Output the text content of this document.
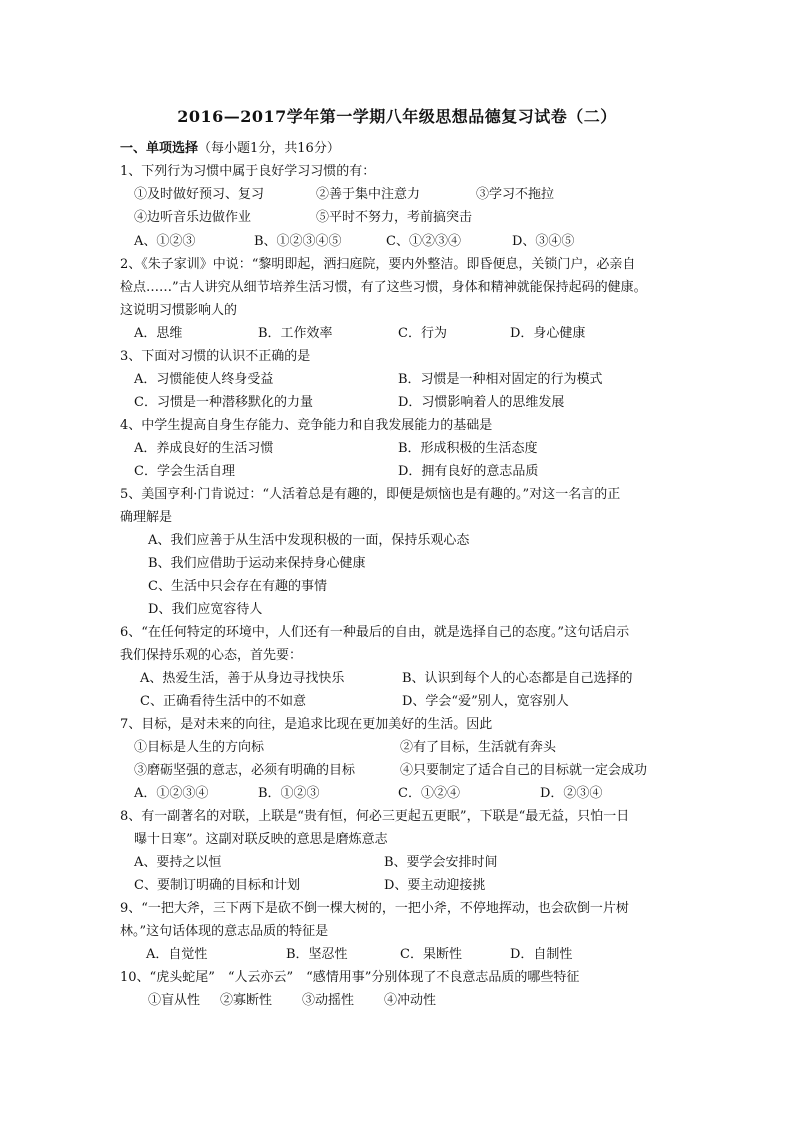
2016—2017学年第一学期八年级思想品德复习试卷（二）
一、单项选择（每小题1分，共16分）
1、下列行为习惯中属于良好学习习惯的有：
①及时做好预习、复习	②善于集中注意力	③学习不拖拉
④边听音乐边做作业	⑤平时不努力，考前搞突击
A、①②③	B、①②③④⑤	C、①②③④	D、③④⑤
2、《朱子家训》中说：“黎明即起，洒扫庭院，要内外整洁。即昏便息，关锁门户，必亲自
检点……”古人讲究从细节培养生活习惯，有了这些习惯，身体和精神就能保持起码的健康。
这说明习惯影响人的
A．思维	B．工作效率	C．行为	D．身心健康
3、下面对习惯的认识不正确的是
A．习惯能使人终身受益	B．习惯是一种相对固定的行为模式
C．习惯是一种潜移默化的力量	D．习惯影响着人的思维发展
4、中学生提高自身生存能力、竞争能力和自我发展能力的基础是
A．养成良好的生活习惯	B．形成积极的生活态度
C．学会生活自理	D．拥有良好的意志品质
5、美国亨利·门肯说过：“人活着总是有趣的，即便是烦恼也是有趣的。”对这一名言的正
确理解是
A、我们应善于从生活中发现积极的一面，保持乐观心态
B、我们应借助于运动来保持身心健康
C、生活中只会存在有趣的事情
D、我们应宽容待人
6、“在任何特定的环境中，人们还有一种最后的自由，就是选择自己的态度。”这句话启示
我们保持乐观的心态，首先要：
A、热爱生活，善于从身边寻找快乐	B、认识到每个人的心态都是自己选择的
C、正确看待生活中的不如意	D、学会“爱”别人，宽容别人
7、目标，是对未来的向往，是追求比现在更加美好的生活。因此
①目标是人生的方向标	②有了目标，生活就有奔头
③磨砺坚强的意志，必须有明确的目标	④只要制定了适合自己的目标就一定会成功
A．①②③④	B．①②③	C．①②④	D．②③④
8、有一副著名的对联，上联是“贵有恒，何必三更起五更眠”，下联是“最无益，只怕一日
曝十日寒”。这副对联反映的意思是磨炼意志
A、要持之以恒	B、要学会安排时间
C、要制订明确的目标和计划	D、要主动迎接挑
9、“一把大斧，三下两下是砍不倒一棵大树的，一把小斧，不停地挥动，也会砍倒一片树
林。”这句话体现的意志品质的特征是
A．自觉性	B．坚忍性	C．果断性	D．自制性
10、“虎头蛇尾”　“人云亦云”　“感情用事”分别体现了不良意志品质的哪些特征
①盲从性 ②寡断性 ③动摇性 ④冲动性
